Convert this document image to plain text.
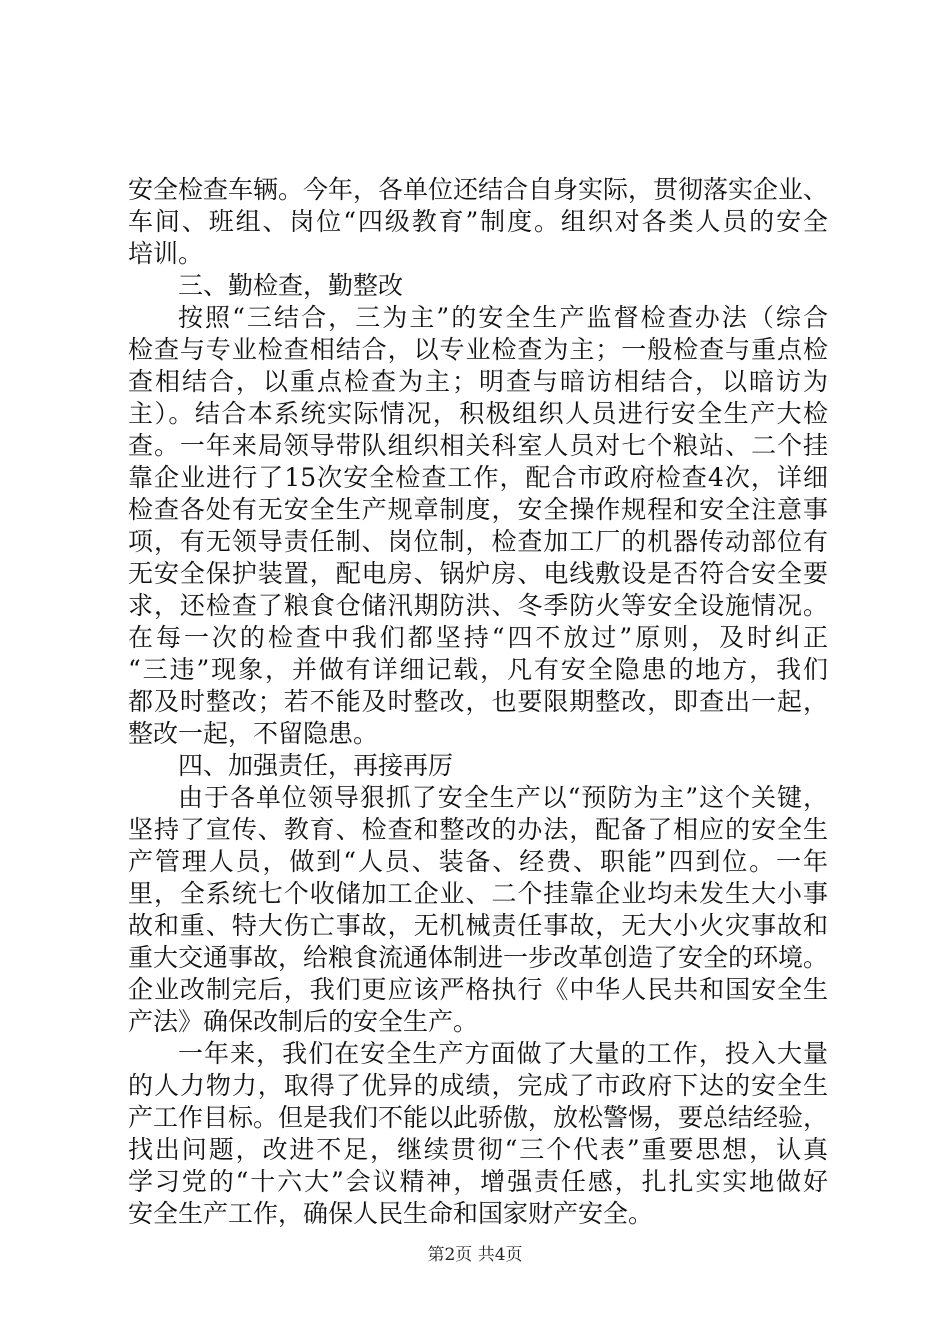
安全检查车辆。今年，各单位还结合自身实际，贯彻落实企业、
车间、班组、岗位“四级教育”制度。组织对各类人员的安全
培训。
三、勤检查，勤整改
按照“三结合，三为主”的安全生产监督检查办法（综合
检查与专业检查相结合，以专业检查为主；一般检查与重点检
查相结合，以重点检查为主；明查与暗访相结合，以暗访为
主）。结合本系统实际情况，积极组织人员进行安全生产大检
查。一年来局领导带队组织相关科室人员对七个粮站、二个挂
靠企业进行了15次安全检查工作，配合市政府检查4次，详细
检查各处有无安全生产规章制度，安全操作规程和安全注意事
项，有无领导责任制、岗位制，检查加工厂的机器传动部位有
无安全保护装置，配电房、锅炉房、电线敷设是否符合安全要
求，还检查了粮食仓储汛期防洪、冬季防火等安全设施情况。
在每一次的检查中我们都坚持“四不放过”原则，及时纠正
“三违”现象，并做有详细记载，凡有安全隐患的地方，我们
都及时整改；若不能及时整改，也要限期整改，即查出一起，
整改一起，不留隐患。
四、加强责任，再接再厉
由于各单位领导狠抓了安全生产以“预防为主”这个关键，
坚持了宣传、教育、检查和整改的办法，配备了相应的安全生
产管理人员，做到“人员、装备、经费、职能”四到位。一年
里，全系统七个收储加工企业、二个挂靠企业均未发生大小事
故和重、特大伤亡事故，无机械责任事故，无大小火灾事故和
重大交通事故，给粮食流通体制进一步改革创造了安全的环境。
企业改制完后，我们更应该严格执行《中华人民共和国安全生
产法》确保改制后的安全生产。
一年来，我们在安全生产方面做了大量的工作，投入大量
的人力物力，取得了优异的成绩，完成了市政府下达的安全生
产工作目标。但是我们不能以此骄傲，放松警惕，要总结经验，
找出问题，改进不足，继续贯彻“三个代表”重要思想，认真
学习党的“十六大”会议精神，增强责任感，扎扎实实地做好
安全生产工作，确保人民生命和国家财产安全。
第2页 共4页
